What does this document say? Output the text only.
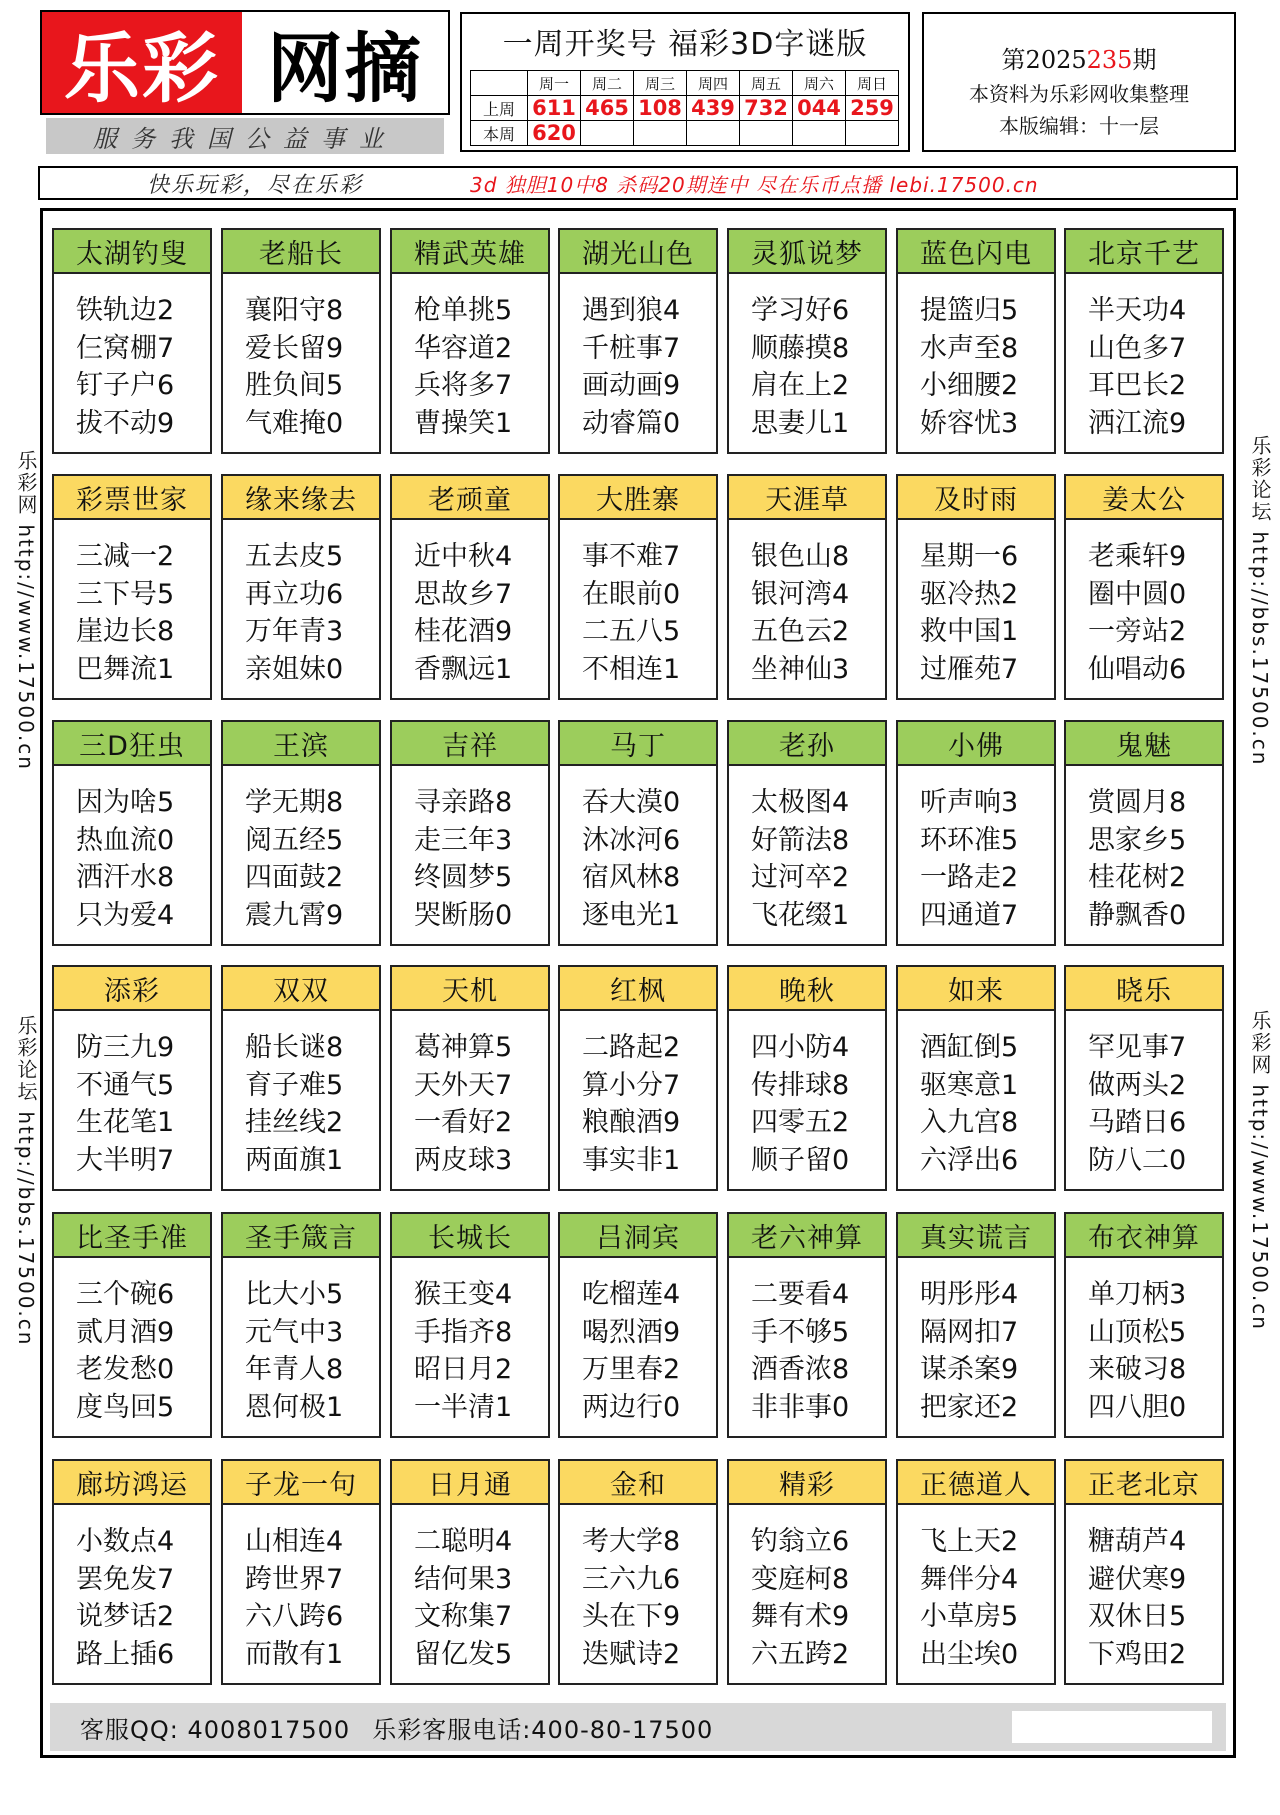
乐彩 网摘
服务我国公益事业
一周开奖号 福彩3D字谜版
	周一	周二	周三	周四	周五	周六	周日
上周	611	465	108	439	732	044	259
本周	620						
第2025235期
本资料为乐彩网收集整理
本版编辑：十一层
快乐玩彩，尽在乐彩	3d 独胆10中8 杀码20期连中 尽在乐币点播 lebi.17500.cn
乐彩网 http://www.17500.cn
乐彩论坛 http://bbs.17500.cn
乐彩论坛 http://bbs.17500.cn
乐彩网 http://www.17500.cn
太湖钓叟
铁轨边2
仨窝棚7
钉子户6
拔不动9
老船长
襄阳守8
爱长留9
胜负间5
气难掩0
精武英雄
枪单挑5
华容道2
兵将多7
曹操笑1
湖光山色
遇到狼4
千桩事7
画动画9
动睿篇0
灵狐说梦
学习好6
顺藤摸8
肩在上2
思妻儿1
蓝色闪电
提篮归5
水声至8
小细腰2
娇容忧3
北京千艺
半天功4
山色多7
耳巴长2
洒江流9
彩票世家
三减一2
三下号5
崖边长8
巴舞流1
缘来缘去
五去皮5
再立功6
万年青3
亲姐妹0
老顽童
近中秋4
思故乡7
桂花酒9
香飘远1
大胜寨
事不难7
在眼前0
二五八5
不相连1
天涯草
银色山8
银河湾4
五色云2
坐神仙3
及时雨
星期一6
驱冷热2
救中国1
过雁苑7
姜太公
老乘轩9
圈中圆0
一旁站2
仙唱动6
三D狂虫
因为啥5
热血流0
洒汗水8
只为爱4
王滨
学无期8
阅五经5
四面鼓2
震九霄9
吉祥
寻亲路8
走三年3
终圆梦5
哭断肠0
马丁
吞大漠0
沐冰河6
宿风林8
逐电光1
老孙
太极图4
好箭法8
过河卒2
飞花缀1
小佛
听声响3
环环准5
一路走2
四通道7
鬼魅
赏圆月8
思家乡5
桂花树2
静飘香0
添彩
防三九9
不通气5
生花笔1
大半明7
双双
船长谜8
育子难5
挂丝线2
两面旗1
天机
葛神算5
天外天7
一看好2
两皮球3
红枫
二路起2
算小分7
粮酿酒9
事实非1
晚秋
四小防4
传排球8
四零五2
顺子留0
如来
酒缸倒5
驱寒意1
入九宫8
六浮出6
晓乐
罕见事7
做两头2
马踏日6
防八二0
比圣手准
三个碗6
贰月酒9
老发愁0
度鸟回5
圣手箴言
比大小5
元气中3
年青人8
恩何极1
长城长
猴王变4
手指齐8
昭日月2
一半清1
吕洞宾
吃榴莲4
喝烈酒9
万里春2
两边行0
老六神算
二要看4
手不够5
酒香浓8
非非事0
真实谎言
明彤彤4
隔网扣7
谋杀案9
把家还2
布衣神算
单刀柄3
山顶松5
来破习8
四八胆0
廊坊鸿运
小数点4
罢免发7
说梦话2
路上插6
子龙一句
山相连4
跨世界7
六八跨6
而散有1
日月通
二聪明4
结何果3
文称集7
留亿发5
金和
考大学8
三六九6
头在下9
迭赋诗2
精彩
钓翁立6
变庭柯8
舞有术9
六五跨2
正德道人
飞上天2
舞伴分4
小草房5
出尘埃0
正老北京
糖葫芦4
避伏寒9
双休日5
下鸡田2
客服QQ: 4008017500 乐彩客服电话:400-80-17500
